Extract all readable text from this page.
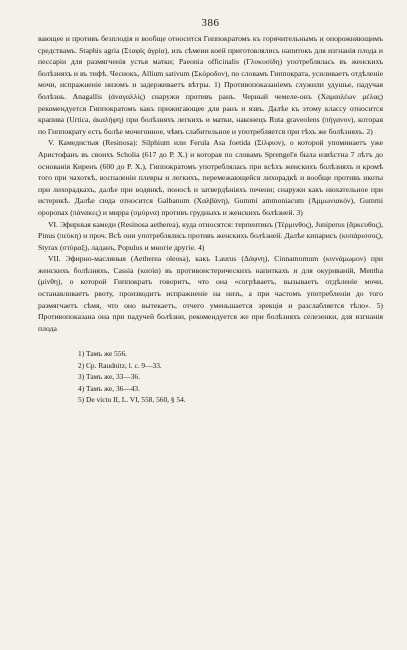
386

вающее и противъ безплодія и вообще относится Гиппократомъ къ горячительнымъ и опорожняющимъ средствамъ. Staphis agria (Σταφίς ἀγρία), изъ сѣмени коей приготовлялись напитокъ для изгнанія плода и пессаріи для размягченія устья матки; Paeonia officinalis (Γλυκυσίδη) употреблялась въ женскихъ болѣзняхъ и въ тифѣ. Чеснокъ, Allium sativum (Σκόροδον), по словамъ Гиппократа, усиливаетъ отдѣленіе мочи, испражненіе низомъ и задерживаетъ вѣтры. 1) Противопоказаніемъ служили удушье, падучая болѣзнь. Anagallis (ἀναγαλλίς) снаружи противъ ранъ. Черный чемеле-онъ (Χαμαιλέων μέλας) рекомендуется Гиппократомъ какъ прижигающее для ранъ и язвъ. Далѣе къ этому классу относится крапива (Urtica, ἀκαλήφη) при болѣзняхъ легкихъ и матки, наконецъ Ruta graveolens (πήγανον), которая по Гиппократу есть болѣе мочегонное, чѣмъ слабительное и употребляется при тѣхъ же болѣзняхъ. 2)

V. Камедистыя (Resinosa): Silphium или Ferula Asa foetida (Σίλφιον), о которой упоминаетъ уже Аристофанъ въ своихъ Scholia (617 до Р. Х.) и которая по словамъ Sprengel'я была извѣстна 7 лѣтъ до основанія Киренъ (600 до Р. Х.), Гиппократомъ употреблялась при всѣхъ женскихъ болѣзняхъ и кромѣ того при чахоткѣ, воспаленіи плевры и легкихъ, перемежающейся лихорадкѣ и вообще противъ икоты при лихорадкахъ, далѣе при водянкѣ, поносѣ и затвердѣніяхъ печени; снаружи какъ нюхательное при истерикѣ. Далѣе сюда относится Galbanum (Χαλβάνη), Gummi ammoniacum (Ἀμμωνιακόν), Gummi opoponax (πάνακες) и мирра (σμύρνα) противъ грудныхъ и женскихъ болѣзней. 3)

VI. Эфирныя камеди (Resinosa aetherea), куда относятся: терпентинъ (Τέρμινθος), Juniperus (ἄρκευθος), Pinus (πεύκη) и проч. Всѣ они употреблялись противъ женскихъ болѣзней. Далѣе кипарисъ (κυπάρισσος), Styrax (στύραξ), ладанъ, Populus и многіе другіе. 4)

VII. Эфирно-масляныя (Aetherea oleosa), какъ Laurus (Δάφνη), Cinnamomum (κιννάμωμον) при женскихъ болѣзняхъ, Cassia (κασία) въ противоистерическихъ напиткахъ и для окуриваній, Mentha (μίνθη), о которой Гиппократъ говоритъ, что она «согрѣваетъ, вызываетъ отдѣленіе мочи, останавливаетъ рвоту, производитъ испражненіе на низъ, а при частомъ употребленіи до того размягчаетъ сѣмя, что оно вытекаетъ, отчего уменьшается эрекція и разслабляется тѣло». 5) Противопоказана она при падучей болѣзни, рекомендуется же при болѣзняхъ селезенки, для изгнанія плода

1) Тамъ же 556.

2) Ср. Raudnitz, l. c. 9—33.

3) Тамъ же, 33—36.

4) Тамъ же, 36—43.

5) De victu II, L. VI, 558, 560, § 54.
